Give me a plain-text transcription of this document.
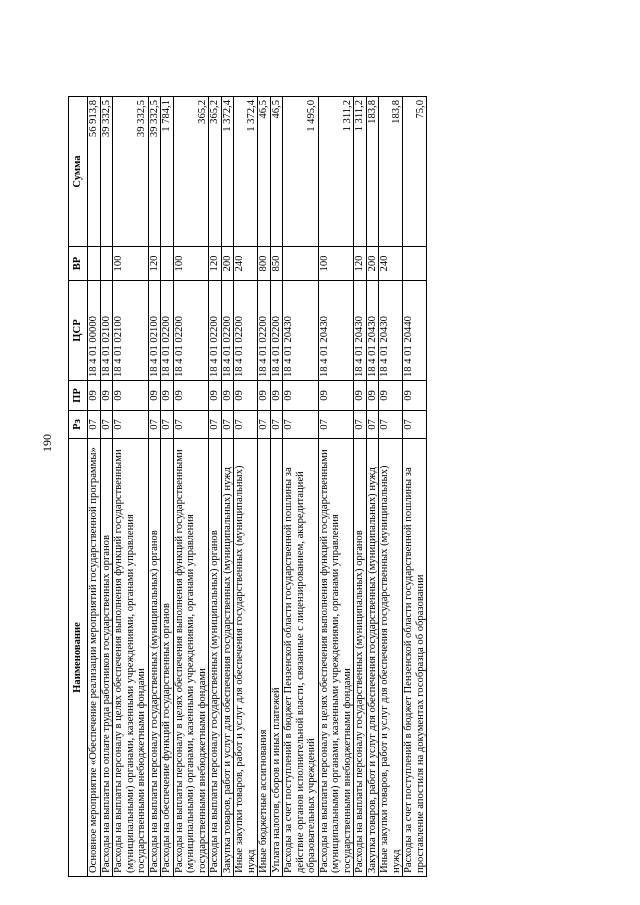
190
Наименование	Рз	ПР	ЦСР	ВР	Сумма
Основное мероприятие «Обеспечение реализации мероприятий государственной программы»	07	09	18 4 01 00000		56 913,8
Расходы на выплаты по оплате труда работников государственных органов	07	09	18 4 01 02100		39 332,5
Расходы на выплаты персоналу в целях обеспечения выполнения функций государственными (муниципальными) органами, казенными учреждениями, органами управления государственными внебюджетными фондами	07	09	18 4 01 02100	100	39 332,5
Расходы на выплаты персоналу государственных (муниципальных) органов	07	09	18 4 01 02100	120	39 332,5
Расходы на обеспечение функций государственных органов	07	09	18 4 01 02200		1 784,1
Расходы на выплаты персоналу в целях обеспечения выполнения функций государственными (муниципальными) органами, казенными учреждениями, органами управления государственными внебюджетными фондами	07	09	18 4 01 02200	100	365,2
Расходы на выплаты персоналу государственных (муниципальных) органов	07	09	18 4 01 02200	120	365,2
Закупка товаров, работ и услуг для обеспечения государственных (муниципальных) нужд	07	09	18 4 01 02200	200	1 372,4
Иные закупки товаров, работ и услуг для обеспечения государственных (муниципальных) нужд	07	09	18 4 01 02200	240	1 372,4
Иные бюджетные ассигнования	07	09	18 4 01 02200	800	46,5
Уплата налогов, сборов и иных платежей	07	09	18 4 01 02200	850	46,5
Расходы за счет поступлений в бюджет Пензенской области государственной пошлины за действие органов исполнительной власти, связанные с лицензированием, аккредитацией образовательных учреждений	07	09	18 4 01 20430		1 495,0
Расходы на выплаты персоналу в целях обеспечения выполнения функций государственными (муниципальными) органами, казенными учреждениями, органами управления государственными внебюджетными фондами	07	09	18 4 01 20430	100	1 311,2
Расходы на выплаты персоналу государственных (муниципальных) органов	07	09	18 4 01 20430	120	1 311,2
Закупка товаров, работ и услуг для обеспечения государственных (муниципальных) нужд	07	09	18 4 01 20430	200	183,8
Иные закупки товаров, работ и услуг для обеспечения государственных (муниципальных) нужд	07	09	18 4 01 20430	240	183,8
Расходы за счет поступлений в бюджет Пензенской области государственной пошлины за проставление апостиля на документах гособразца об образовании	07	09	18 4 01 20440		75,0
